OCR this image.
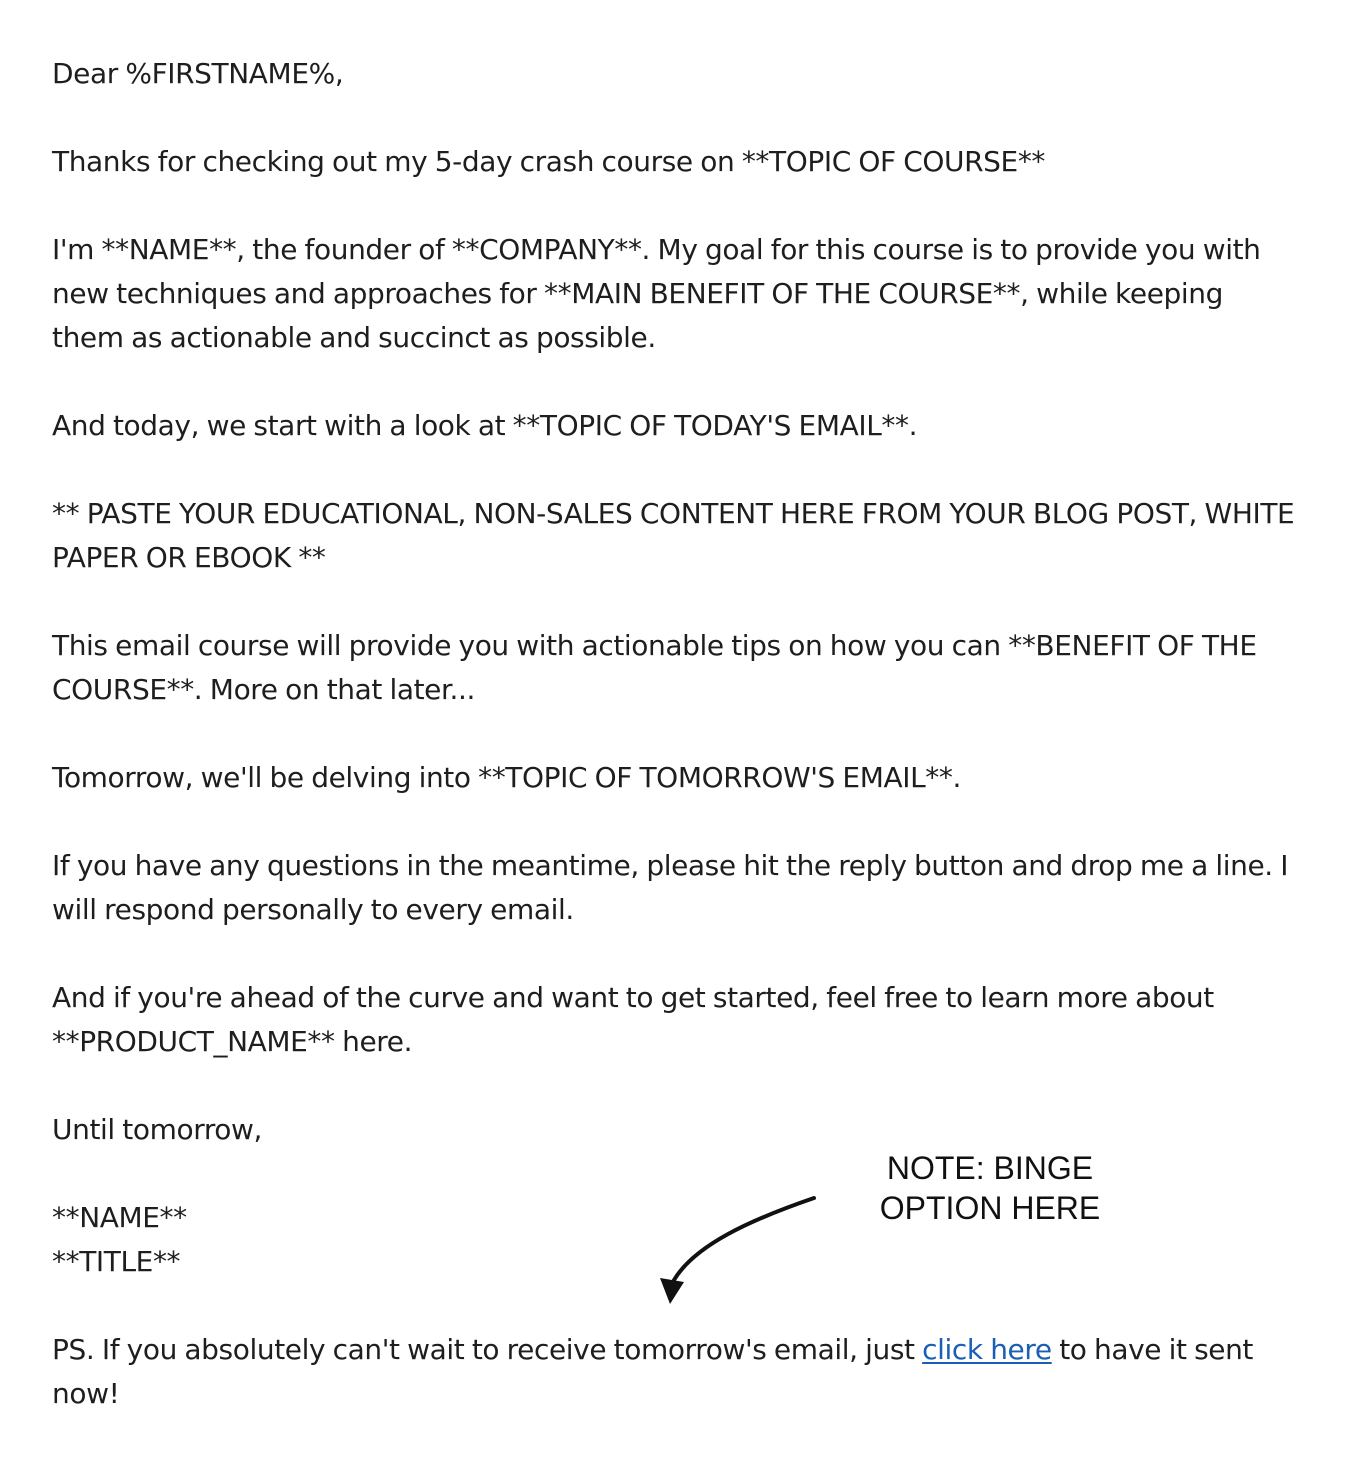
Dear %FIRSTNAME%,

Thanks for checking out my 5-day crash course on **TOPIC OF COURSE**

I'm **NAME**, the founder of **COMPANY**. My goal for this course is to provide you with new techniques and approaches for **MAIN BENEFIT OF THE COURSE**, while keeping them as actionable and succinct as possible.

And today, we start with a look at **TOPIC OF TODAY'S EMAIL**.

** PASTE YOUR EDUCATIONAL, NON-SALES CONTENT HERE FROM YOUR BLOG POST, WHITE PAPER OR EBOOK **

This email course will provide you with actionable tips on how you can **BENEFIT OF THE COURSE**. More on that later...

Tomorrow, we'll be delving into **TOPIC OF TOMORROW'S EMAIL**.

If you have any questions in the meantime, please hit the reply button and drop me a line. I will respond personally to every email.

And if you're ahead of the curve and want to get started, feel free to learn more about **PRODUCT_NAME** here.

Until tomorrow,

**NAME**

**TITLE**

PS. If you absolutely can't wait to receive tomorrow's email, just click here to have it sent now!

NOTE: BINGE
OPTION HERE
